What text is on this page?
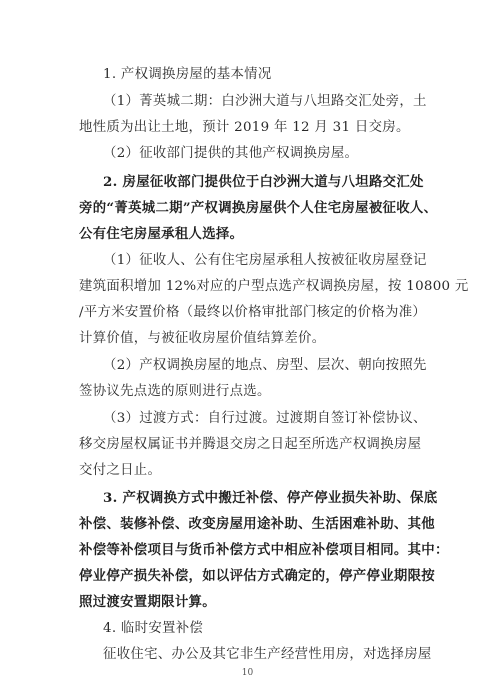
1. 产权调换房屋的基本情况
（1）菁英城二期：白沙洲大道与八坦路交汇处旁，土
地性质为出让土地，预计 2019 年 12 月 31 日交房。
（2）征收部门提供的其他产权调换房屋。
2. 房屋征收部门提供位于白沙洲大道与八坦路交汇处
旁的“菁英城二期”产权调换房屋供个人住宅房屋被征收人、
公有住宅房屋承租人选择。
（1）征收人、公有住宅房屋承租人按被征收房屋登记
建筑面积增加 12%对应的户型点选产权调换房屋，按 10800 元
/平方米安置价格（最终以价格审批部门核定的价格为准）
计算价值，与被征收房屋价值结算差价。
（2）产权调换房屋的地点、房型、层次、朝向按照先
签协议先点选的原则进行点选。
（3）过渡方式：自行过渡。过渡期自签订补偿协议、
移交房屋权属证书并腾退交房之日起至所选产权调换房屋
交付之日止。
3. 产权调换方式中搬迁补偿、停产停业损失补助、保底
补偿、装修补偿、改变房屋用途补助、生活困难补助、其他
补偿等补偿项目与货币补偿方式中相应补偿项目相同。其中：
停业停产损失补偿，如以评估方式确定的，停产停业期限按
照过渡安置期限计算。
4. 临时安置补偿
征收住宅、办公及其它非生产经营性用房，对选择房屋
10
